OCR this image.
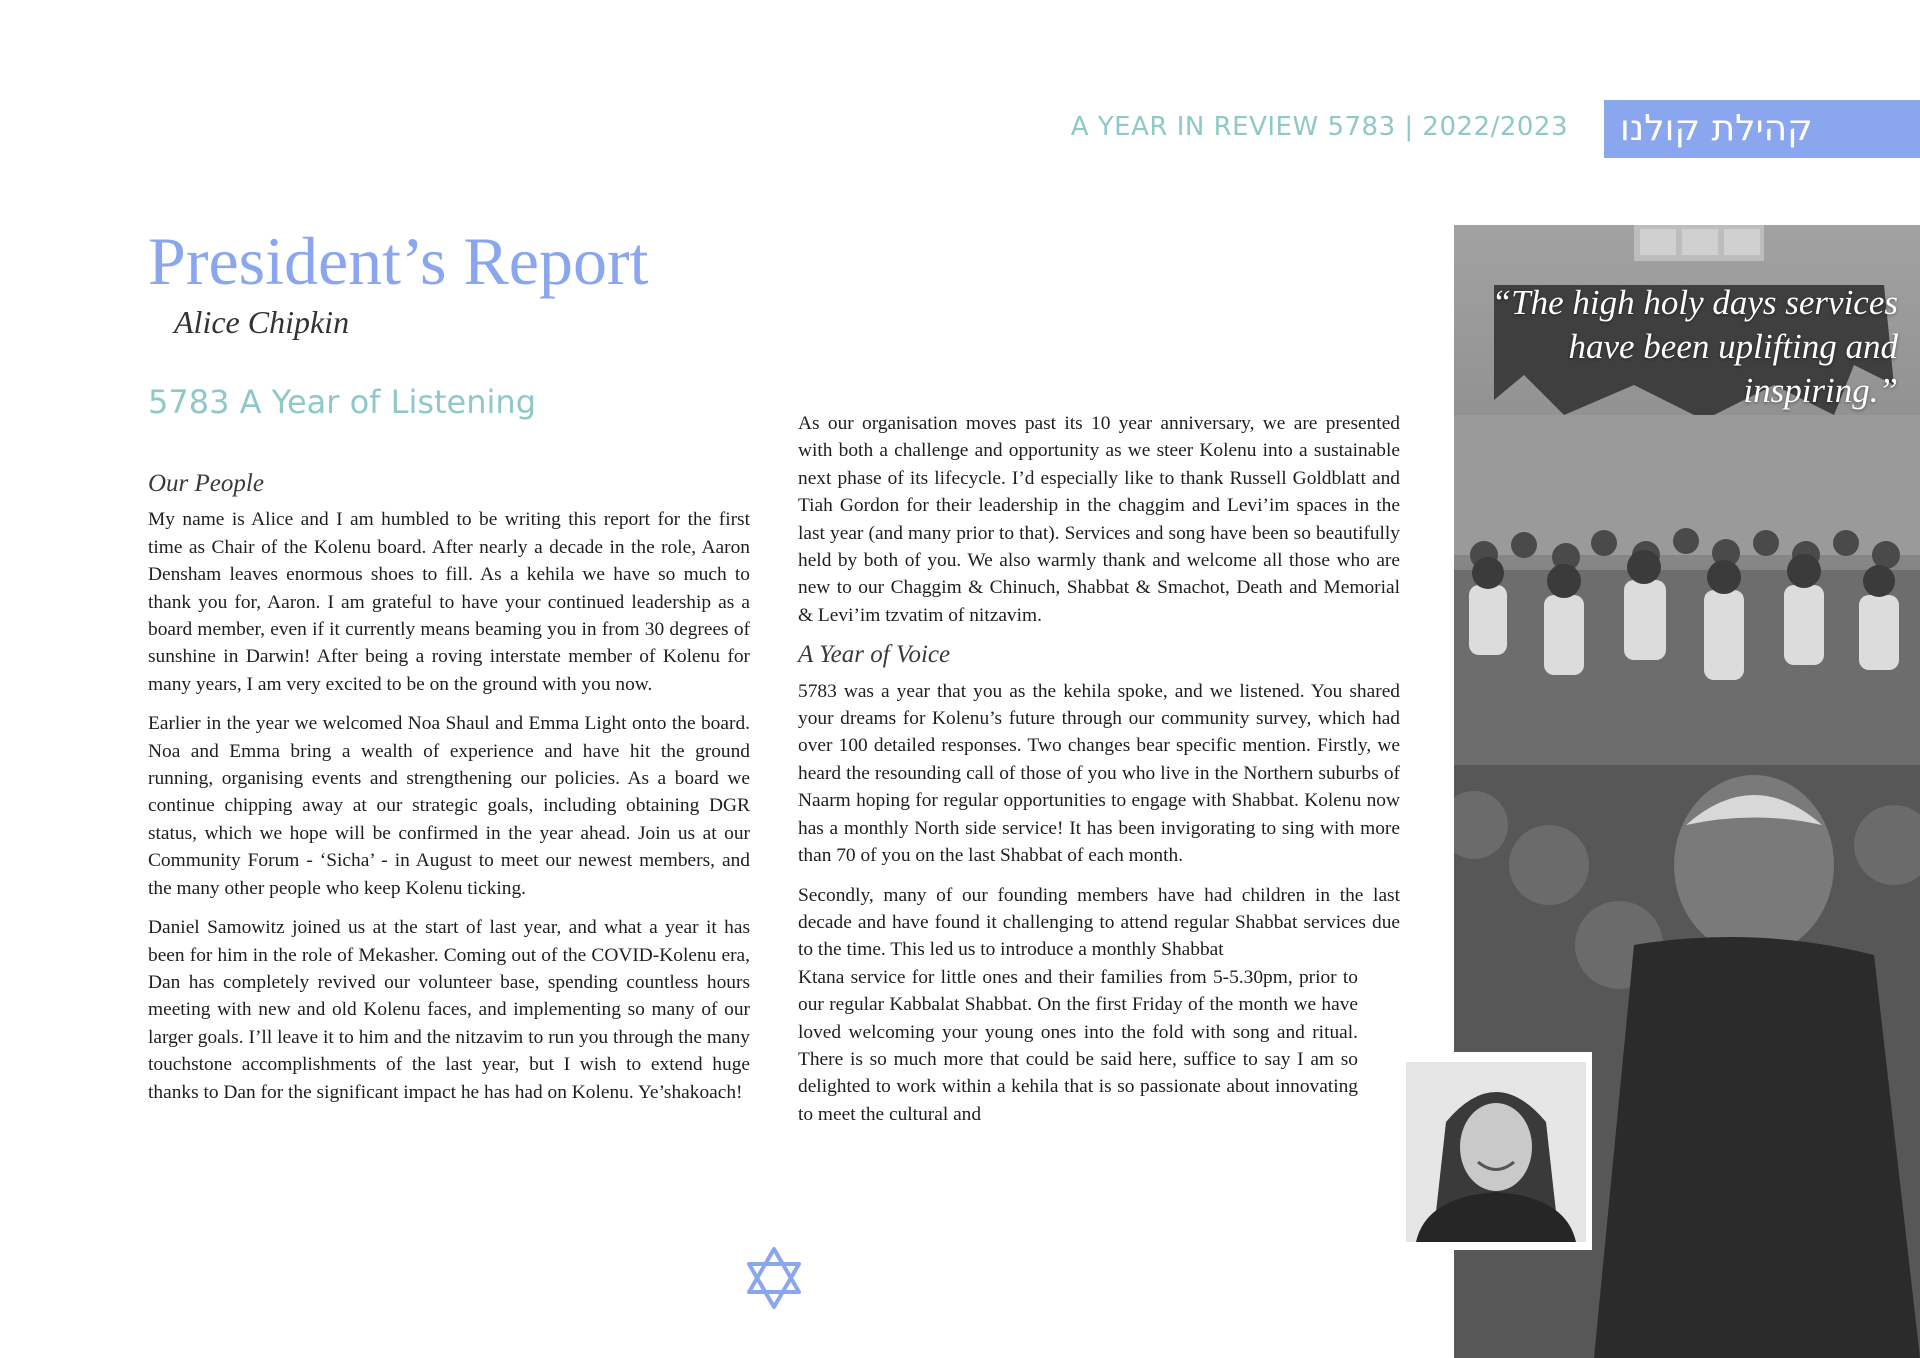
A YEAR IN REVIEW 5783 | 2022/2023	קהילת קולנו
President’s Report
Alice Chipkin
5783 A Year of Listening
Our People

My name is Alice and I am humbled to be writing this report for the first time as Chair of the Kolenu board. After nearly a decade in the role, Aaron Densham leaves enormous shoes to fill. As a kehila we have so much to thank you for, Aaron. I am grateful to have your continued leadership as a board member, even if it currently means beaming you in from 30 degrees of sunshine in Darwin! After being a roving interstate member of Kolenu for many years, I am very excited to be on the ground with you now.

Earlier in the year we welcomed Noa Shaul and Emma Light onto the board. Noa and Emma bring a wealth of experience and have hit the ground running, organising events and strengthening our policies. As a board we continue chipping away at our strategic goals, including obtaining DGR status, which we hope will be confirmed in the year ahead. Join us at our Community Forum - ‘Sicha’ - in August to meet our newest members, and the many other people who keep Kolenu ticking.

Daniel Samowitz joined us at the start of last year, and what a year it has been for him in the role of Mekasher. Coming out of the COVID-Kolenu era, Dan has completely revived our volunteer base, spending countless hours meeting with new and old Kolenu faces, and implementing so many of our larger goals. I’ll leave it to him and the nitzavim to run you through the many touchstone accomplishments of the last year, but I wish to extend huge thanks to Dan for the significant impact he has had on Kolenu. Ye’shakoach!

As our organisation moves past its 10 year anniversary, we are presented with both a challenge and opportunity as we steer Kolenu into a sustainable next phase of its lifecycle. I’d especially like to thank Russell Goldblatt and Tiah Gordon for their leadership in the chaggim and Levi’im spaces in the last year (and many prior to that). Services and song have been so beautifully held by both of you. We also warmly thank and welcome all those who are new to our Chaggim & Chinuch, Shabbat & Smachot, Death and Memorial & Levi’im tzvatim of nitzavim.

A Year of Voice

5783 was a year that you as the kehila spoke, and we listened. You shared your dreams for Kolenu’s future through our community survey, which had over 100 detailed responses. Two changes bear specific mention. Firstly, we heard the resounding call of those of you who live in the Northern suburbs of Naarm hoping for regular opportunities to engage with Shabbat. Kolenu now has a monthly North side service! It has been invigorating to sing with more than 70 of you on the last Shabbat of each month.

Secondly, many of our founding members have had children in the last decade and have found it challenging to attend regular Shabbat services due to the time. This led us to introduce a monthly Shabbat

Ktana service for little ones and their families from 5-5.30pm, prior to our regular Kabbalat Shabbat. On the first Friday of the month we have loved welcoming your young ones into the fold with song and ritual. There is so much more that could be said here, suffice to say I am so delighted to work within a kehila that is so passionate about innovating to meet the cultural and

“The high holy days services have been uplifting and inspiring.”
